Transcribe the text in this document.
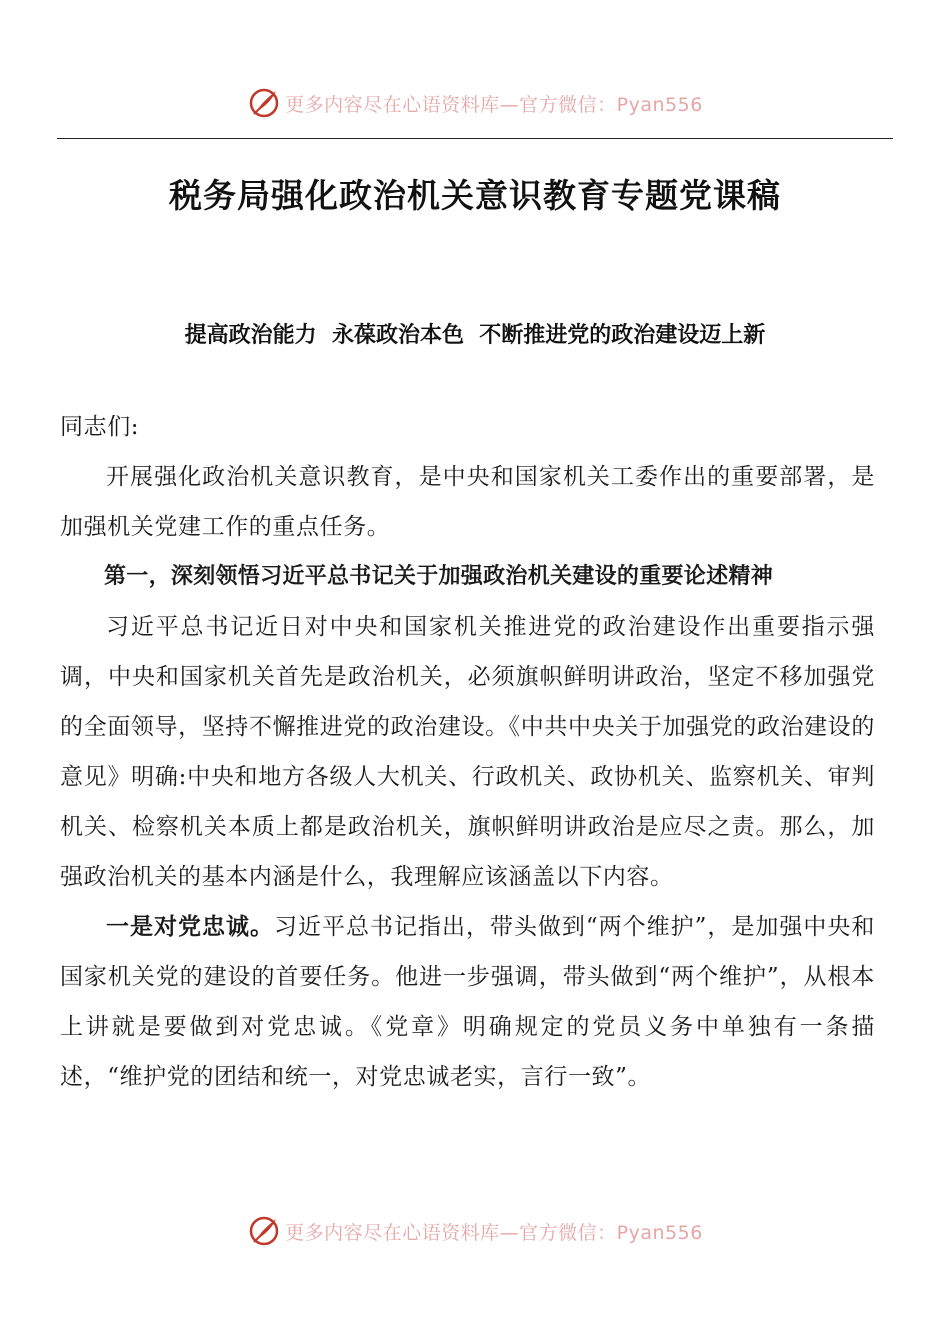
更多内容尽在心语资料库—官方微信：Pyan556
税务局强化政治机关意识教育专题党课稿
提高政治能力  永葆政治本色  不断推进党的政治建设迈上新

同志们:

开展强化政治机关意识教育，是中央和国家机关工委作出的重要部署，是加强机关党建工作的重点任务。

第一，深刻领悟习近平总书记关于加强政治机关建设的重要论述精神

习近平总书记近日对中央和国家机关推进党的政治建设作出重要指示强调，中央和国家机关首先是政治机关，必须旗帜鲜明讲政治，坚定不移加强党的全面领导，坚持不懈推进党的政治建设。《中共中央关于加强党的政治建设的意见》明确:中央和地方各级人大机关、行政机关、政协机关、监察机关、审判机关、检察机关本质上都是政治机关，旗帜鲜明讲政治是应尽之责。那么，加强政治机关的基本内涵是什么，我理解应该涵盖以下内容。

一是对党忠诚。习近平总书记指出，带头做到“两个维护”，是加强中央和国家机关党的建设的首要任务。他进一步强调，带头做到“两个维护”，从根本上讲就是要做到对党忠诚。《党章》明确规定的党员义务中单独有一条描述，“维护党的团结和统一，对党忠诚老实，言行一致”。

更多内容尽在心语资料库—官方微信：Pyan556
